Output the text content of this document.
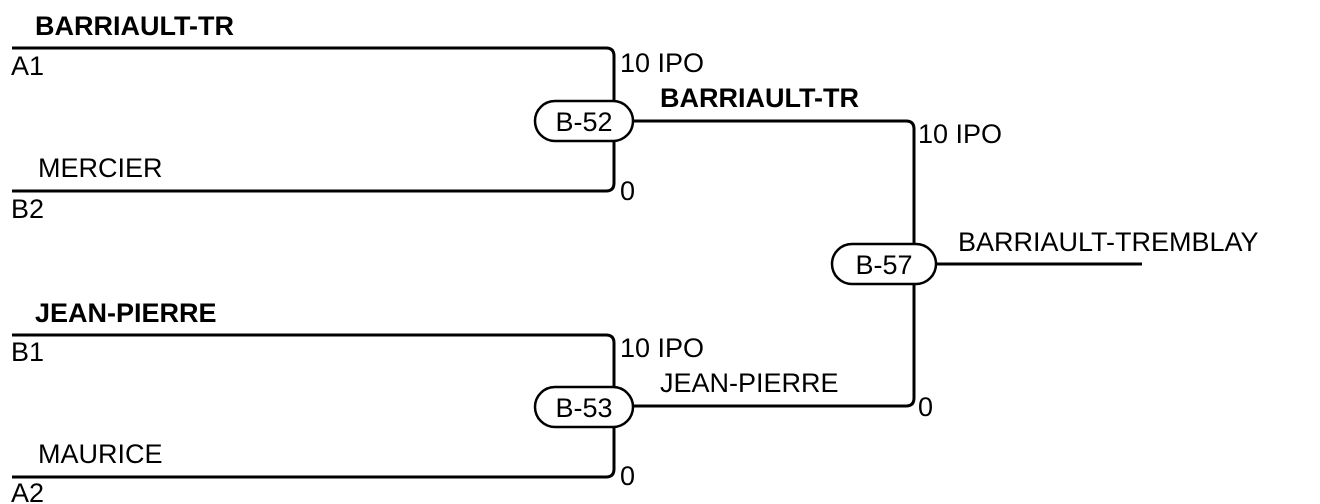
BARRIAULT-TR
A1	10 IPO
MERCIER
B2
0
B-52
JEAN-PIERRE
B1	10 IPO
MAURICE
A2
0
B-53
BARRIAULT-TR
10 IPO
JEAN-PIERRE
0
B-57
BARRIAULT-TREMBLAY
